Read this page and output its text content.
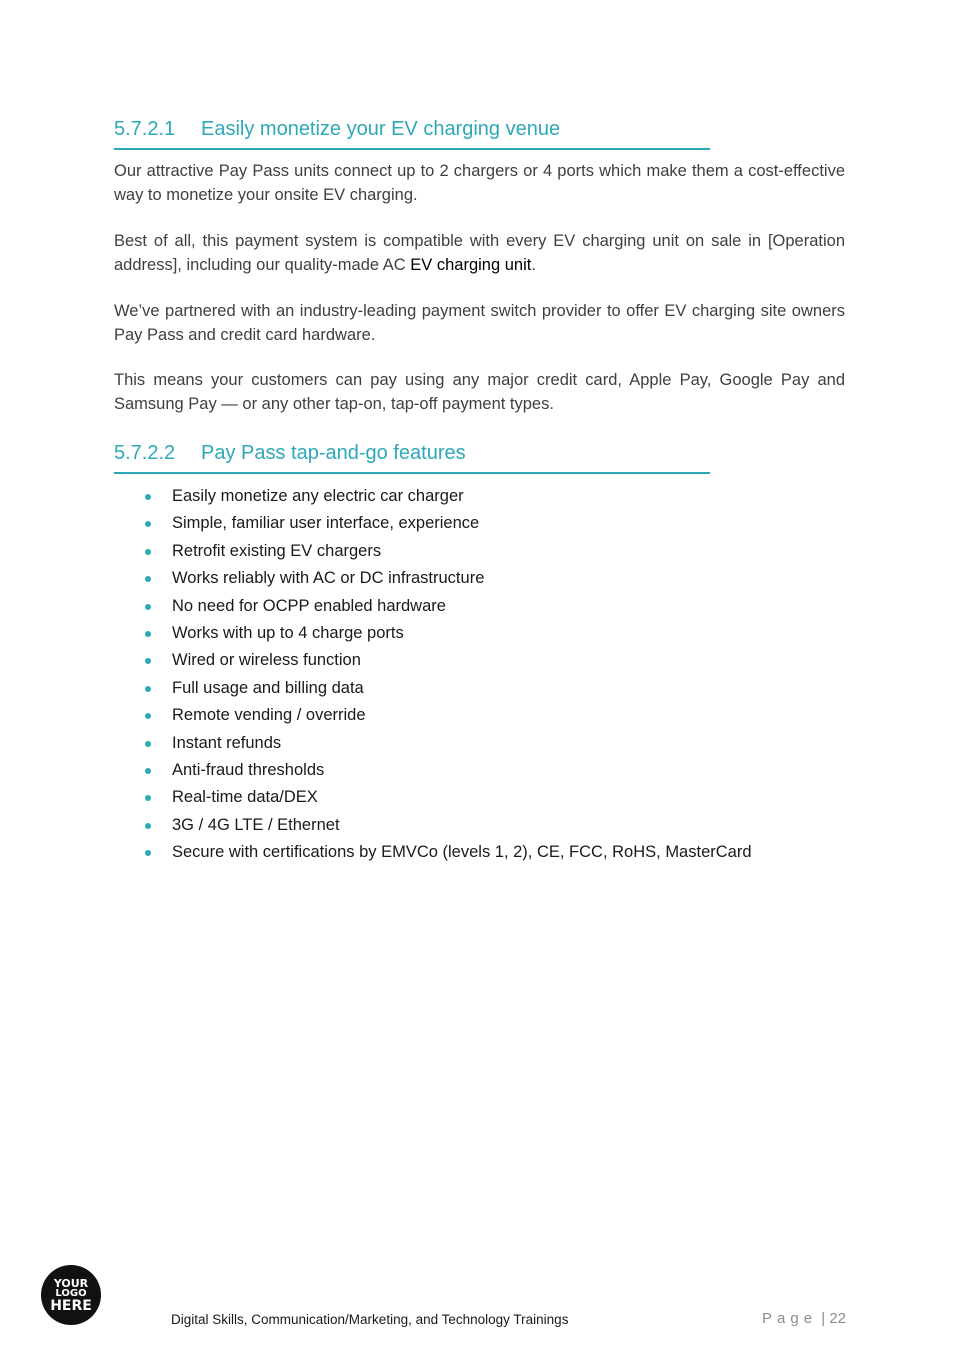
5.7.2.1 Easily monetize your EV charging venue

Our attractive Pay Pass units connect up to 2 chargers or 4 ports which make them a cost-effective way to monetize your onsite EV charging.

Best of all, this payment system is compatible with every EV charging unit on sale in [Operation address], including our quality-made AC EV charging unit.

We’ve partnered with an industry-leading payment switch provider to offer EV charging site owners Pay Pass and credit card hardware.

This means your customers can pay using any major credit card, Apple Pay, Google Pay and Samsung Pay — or any other tap-on, tap-off payment types.

5.7.2.2 Pay Pass tap-and-go features
Easily monetize any electric car charger
Simple, familiar user interface, experience
Retrofit existing EV chargers
Works reliably with AC or DC infrastructure
No need for OCPP enabled hardware
Works with up to 4 charge ports
Wired or wireless function
Full usage and billing data
Remote vending / override
Instant refunds
Anti-fraud thresholds
Real-time data/DEX
3G / 4G LTE / Ethernet
Secure with certifications by EMVCo (levels 1, 2), CE, FCC, RoHS, MasterCard
YOUR
LOGO
HERE
Digital Skills, Communication/Marketing, and Technology Trainings	Page | 22
